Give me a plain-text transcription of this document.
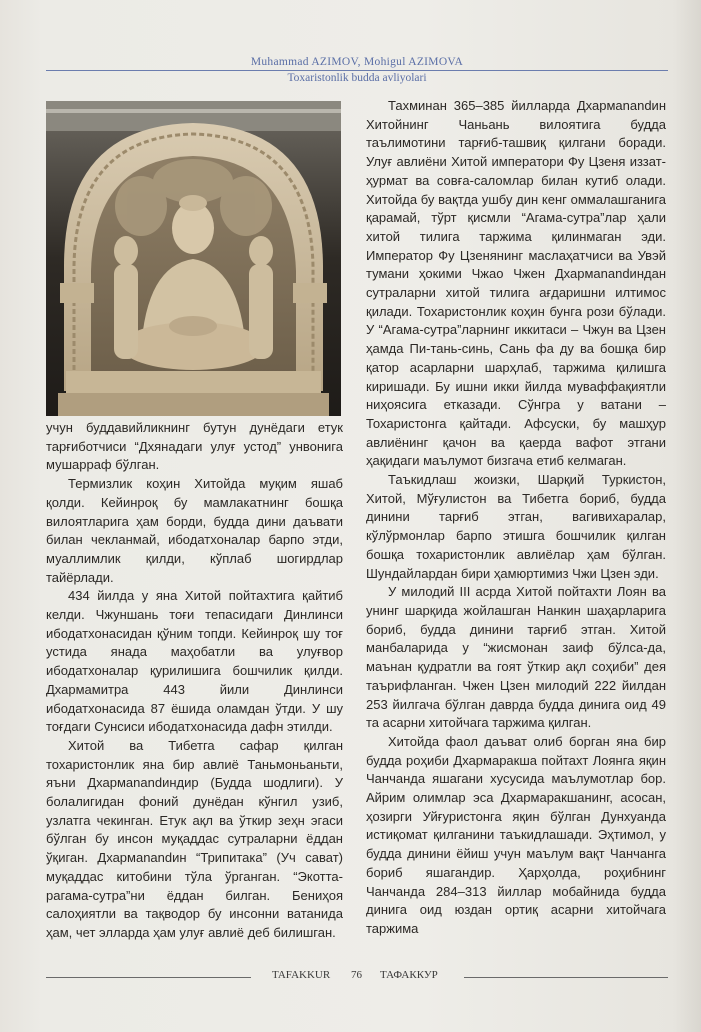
Muhammad AZIMOV, Mohigul AZIMOVA
Toxaristonlik budda avliyolari

учун буддавийликнинг бутун дунёдаги етук тарғиботчиси “Дхянадаги улуғ устод” унвонига мушарраф бўлган.

Термизлик коҳин Хитойда муқим яшаб қолди. Кейинроқ бу мамлакатнинг бошқа вилоятларига ҳам борди, будда дини даъвати билан чекланмай, ибодатхоналар барпо этди, муаллимлик қилди, кўплаб шогирдлар тайёрлади.

434 йилда у яна Хитой пойтахтига қайтиб келди. Чжуншань тоғи тепасидаги Динлинси ибодатхонасидан қўним топди. Кейинроқ шу тоғ устида янада маҳобатли ва улуғвор ибодатхоналар қурилишига бошчилик қилди. Дхармамитра 443 йили Динлинси ибодатхонасида 87 ёшида оламдан ўтди. У шу тоғдаги Сунсиси ибодатхонасида дафн этилди.

Хитой ва Тибетга сафар қилган тохаристонлик яна бир авлиё Таньмоньаньти, яъни Дхармanandиндир (Будда шодлиги). У болалигидан фоний дунёдан кўнгил узиб, узлатга чекинган. Етук ақл ва ўткир зеҳн эгаси бўлган бу инсон муқаддас сутраларни ёддан ўқиган. Дхармanandин “Трипитака” (Уч сават) муқаддас китобини тўла ўрганган. “Экотта-рагама-сутра”ни ёддан билган. Бениҳоя салоҳиятли ва тақводор бу инсонни ватанида ҳам, чет элларда ҳам улуғ авлиё деб билишган.

Тахминан 365–385 йилларда Дхармanandин Хитойнинг Чаньань вилоятига будда таълимотини тарғиб-ташвиқ қилгани боради. Улуғ авлиёни Хитой императори Фу Цзеня иззат-ҳурмат ва совға-саломлар билан кутиб олади. Хитойда бу вақтда ушбу дин кенг оммалашганига қарамай, тўрт қисмли “Агама-сутра”лар ҳали хитой тилига таржима қилинмаган эди. Император Фу Цзенянинг маслаҳатчиси ва Увэй тумани ҳокими Чжао Чжен Дхармanandиндан сутраларни хитой тилига ағдаришни илтимос қилади. Тохаристонлик коҳин бунга рози бўлади. У “Агама-сутра”ларнинг иккитаси – Чжун ва Цзен ҳамда Пи-тань-синь, Сань фа ду ва бошқа бир қатор асарларни шарҳлаб, таржима қилишга киришади. Бу ишни икки йилда муваффақиятли ниҳоясига етказади. Сўнгра у ватани – Тохаристонга қайтади. Афсуски, бу машҳур авлиёнинг қачон ва қаерда вафот этгани ҳақидаги маълумот бизгача етиб келмаган.

Таъкидлаш жоизки, Шарқий Туркистон, Хитой, Мўғулистон ва Тибетга бориб, будда динини тарғиб этган, вагивихаралар, кўлўрмонлар барпо этишга бошчилик қилган бошқа тохаристонлик авлиёлар ҳам бўлган. Шундайлардан бири ҳамюртимиз Чжи Цзен эди.

У милодий III асрда Хитой пойтахти Лоян ва унинг шарқида жойлашган Нанкин шаҳарларига бориб, будда динини тарғиб этган. Хитой манбаларида у “жисмонан заиф бўлса-да, маънан қудратли ва гоят ўткир ақл соҳиби” дея таърифланган. Чжен Цзен милодий 222 йилдан 253 йилгача бўлган даврда будда динига оид 49 та асарни хитойчага таржима қилган.

Хитойда фаол даъват олиб борган яна бир будда роҳиби Дхармаракша пойтахт Лоянга яқин Чанчанда яшагани хусусида маълумотлар бор. Айрим олимлар эса Дхармаракшанинг, асосан, ҳозирги Уйғуристонга яқин бўлган Дунхуанда истиқомат қилганини таъкидлашади. Эҳтимол, у будда динини ёйиш учун маълум вақт Чанчанга бориб яшагандир. Ҳарҳолда, роҳибнинг Чанчанда 284–313 йиллар мобайнида будда динига оид юздан ортиқ асарни хитойчага таржима

TAFAKKUR 76 ТАФАККУР
